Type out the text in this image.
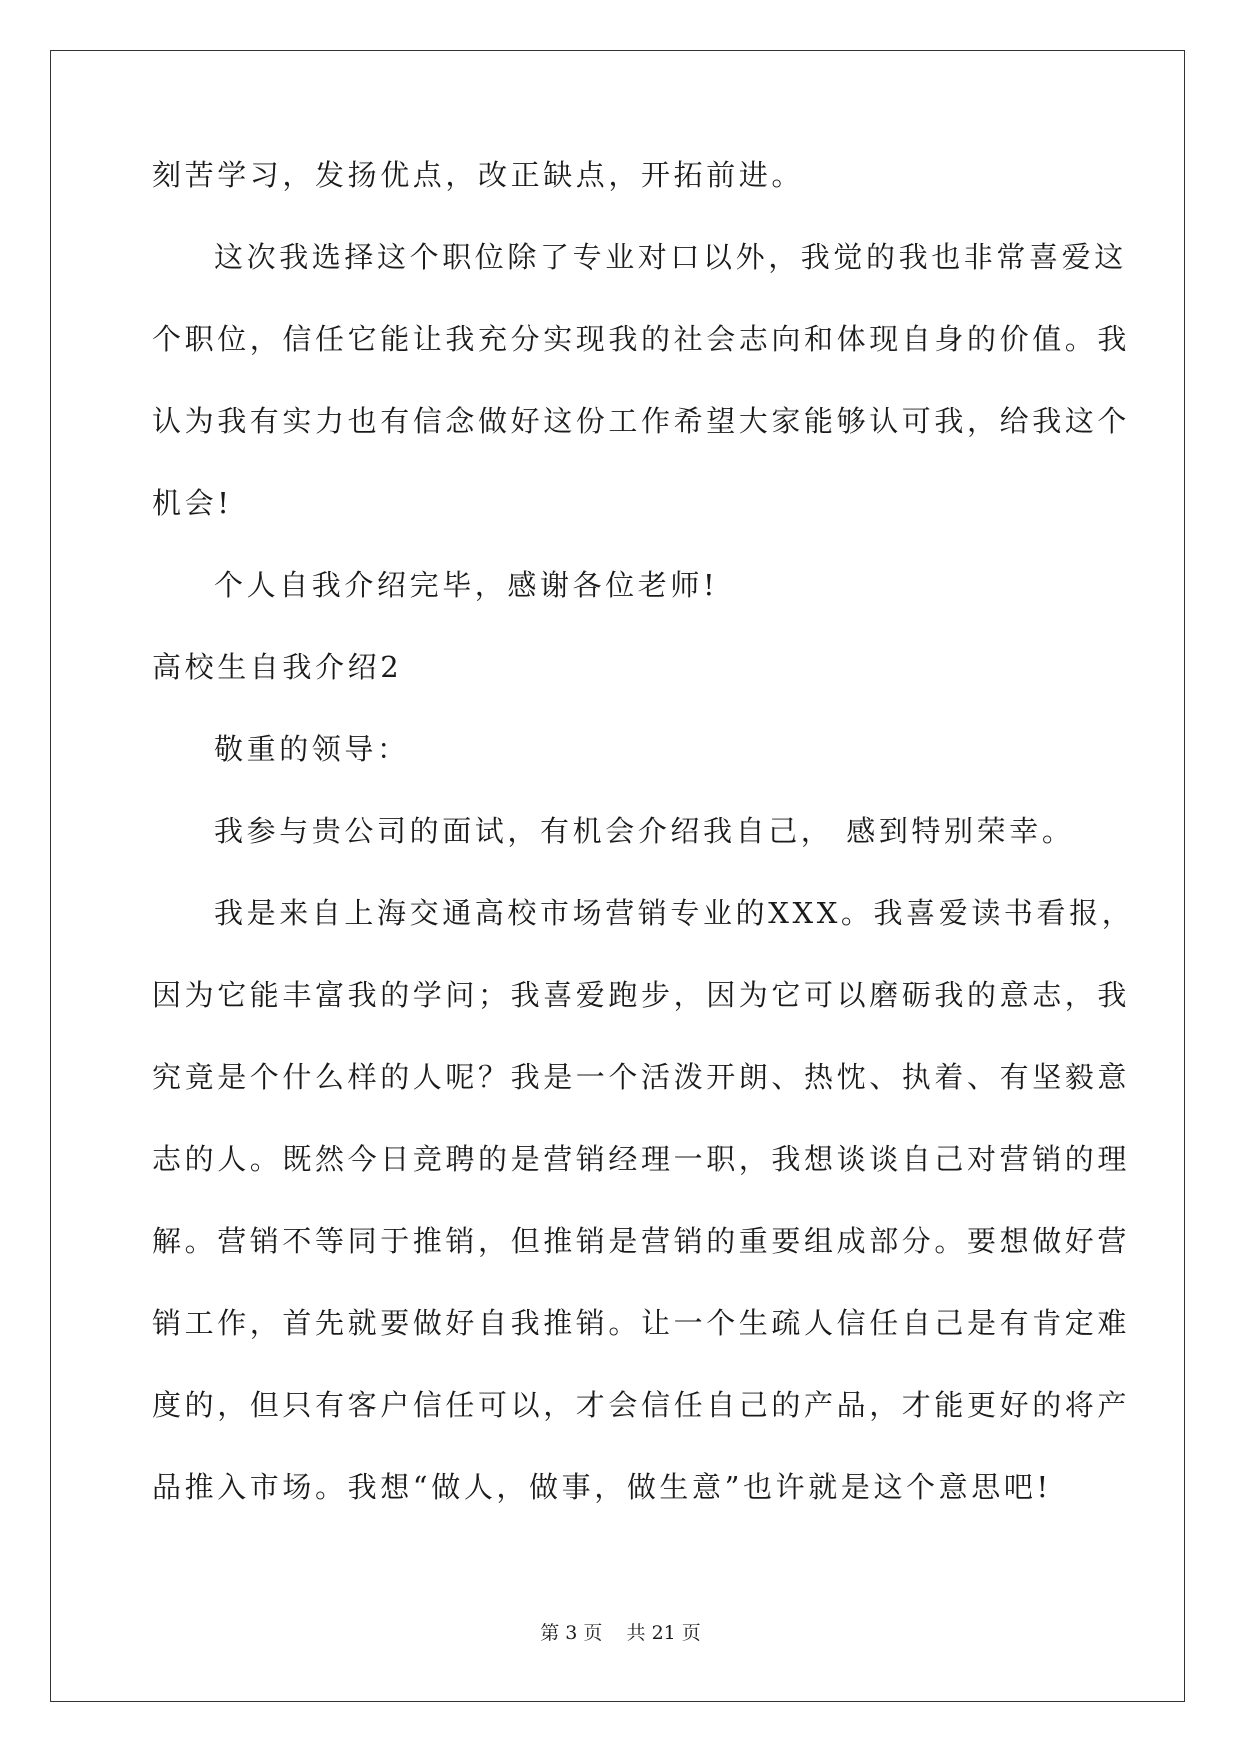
刻苦学习，发扬优点，改正缺点，开拓前进。
这次我选择这个职位除了专业对口以外，我觉的我也非常喜爱这
个职位，信任它能让我充分实现我的社会志向和体现自身的价值。我
认为我有实力也有信念做好这份工作希望大家能够认可我，给我这个
机会!
个人自我介绍完毕，感谢各位老师!
高校生自我介绍2
敬重的领导：
我参与贵公司的面试，有机会介绍我自己， 感到特别荣幸。
我是来自上海交通高校市场营销专业的XXX。我喜爱读书看报，
因为它能丰富我的学问；我喜爱跑步，因为它可以磨砺我的意志，我
究竟是个什么样的人呢？我是一个活泼开朗、热忱、执着、有坚毅意
志的人。既然今日竞聘的是营销经理一职，我想谈谈自己对营销的理
解。营销不等同于推销，但推销是营销的重要组成部分。要想做好营
销工作，首先就要做好自我推销。让一个生疏人信任自己是有肯定难
度的，但只有客户信任可以，才会信任自己的产品，才能更好的将产
品推入市场。我想“做人，做事，做生意”也许就是这个意思吧!
第 3 页    共 21 页
